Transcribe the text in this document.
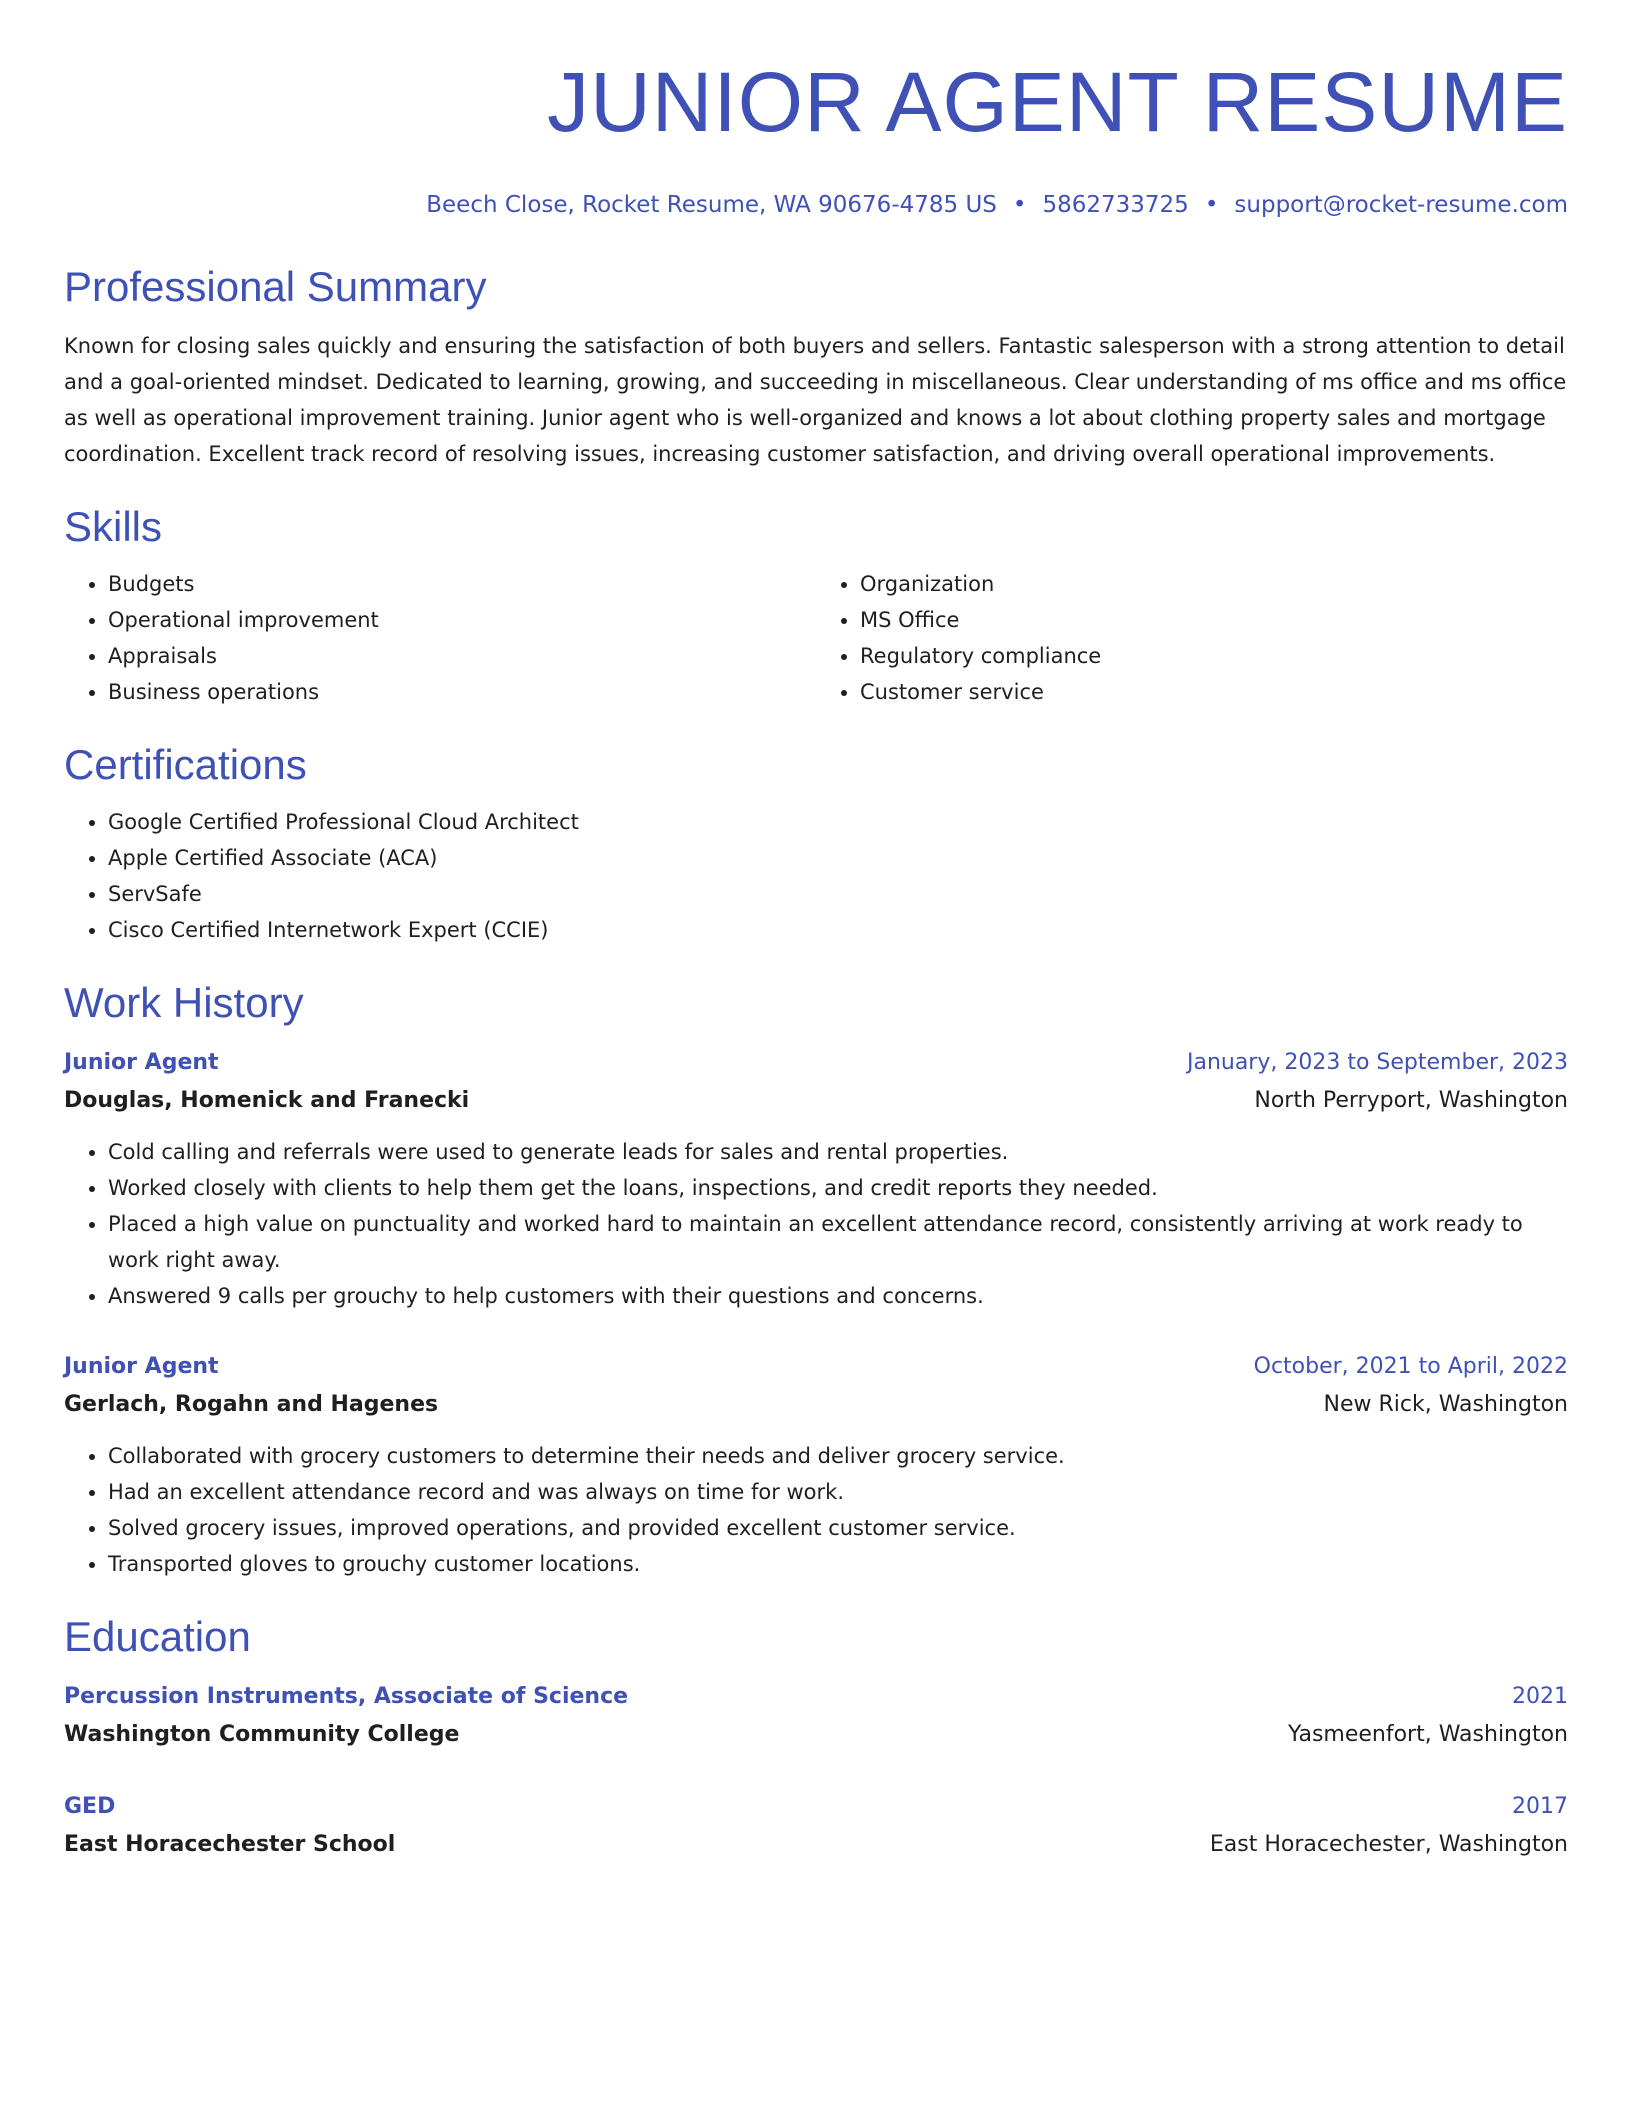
JUNIOR AGENT RESUME
Beech Close, Rocket Resume, WA 90676-4785 US • 5862733725 • support@rocket-resume.com
Professional Summary
Known for closing sales quickly and ensuring the satisfaction of both buyers and sellers. Fantastic salesperson with a strong attention to detail and a goal-oriented mindset. Dedicated to learning, growing, and succeeding in miscellaneous. Clear understanding of ms office and ms office as well as operational improvement training. Junior agent who is well-organized and knows a lot about clothing property sales and mortgage coordination. Excellent track record of resolving issues, increasing customer satisfaction, and driving overall operational improvements.
Skills
• Budgets
• Operational improvement
• Appraisals
• Business operations
• Organization
• MS Office
• Regulatory compliance
• Customer service
Certifications
• Google Certified Professional Cloud Architect
• Apple Certified Associate (ACA)
• ServSafe
• Cisco Certified Internetwork Expert (CCIE)
Work History
Junior Agent	January, 2023 to September, 2023
Douglas, Homenick and Franecki	North Perryport, Washington
• Cold calling and referrals were used to generate leads for sales and rental properties.
• Worked closely with clients to help them get the loans, inspections, and credit reports they needed.
• Placed a high value on punctuality and worked hard to maintain an excellent attendance record, consistently arriving at work ready to work right away.
• Answered 9 calls per grouchy to help customers with their questions and concerns.
Junior Agent	October, 2021 to April, 2022
Gerlach, Rogahn and Hagenes	New Rick, Washington
• Collaborated with grocery customers to determine their needs and deliver grocery service.
• Had an excellent attendance record and was always on time for work.
• Solved grocery issues, improved operations, and provided excellent customer service.
• Transported gloves to grouchy customer locations.
Education
Percussion Instruments, Associate of Science	2021
Washington Community College	Yasmeenfort, Washington
GED	2017
East Horacechester School	East Horacechester, Washington
